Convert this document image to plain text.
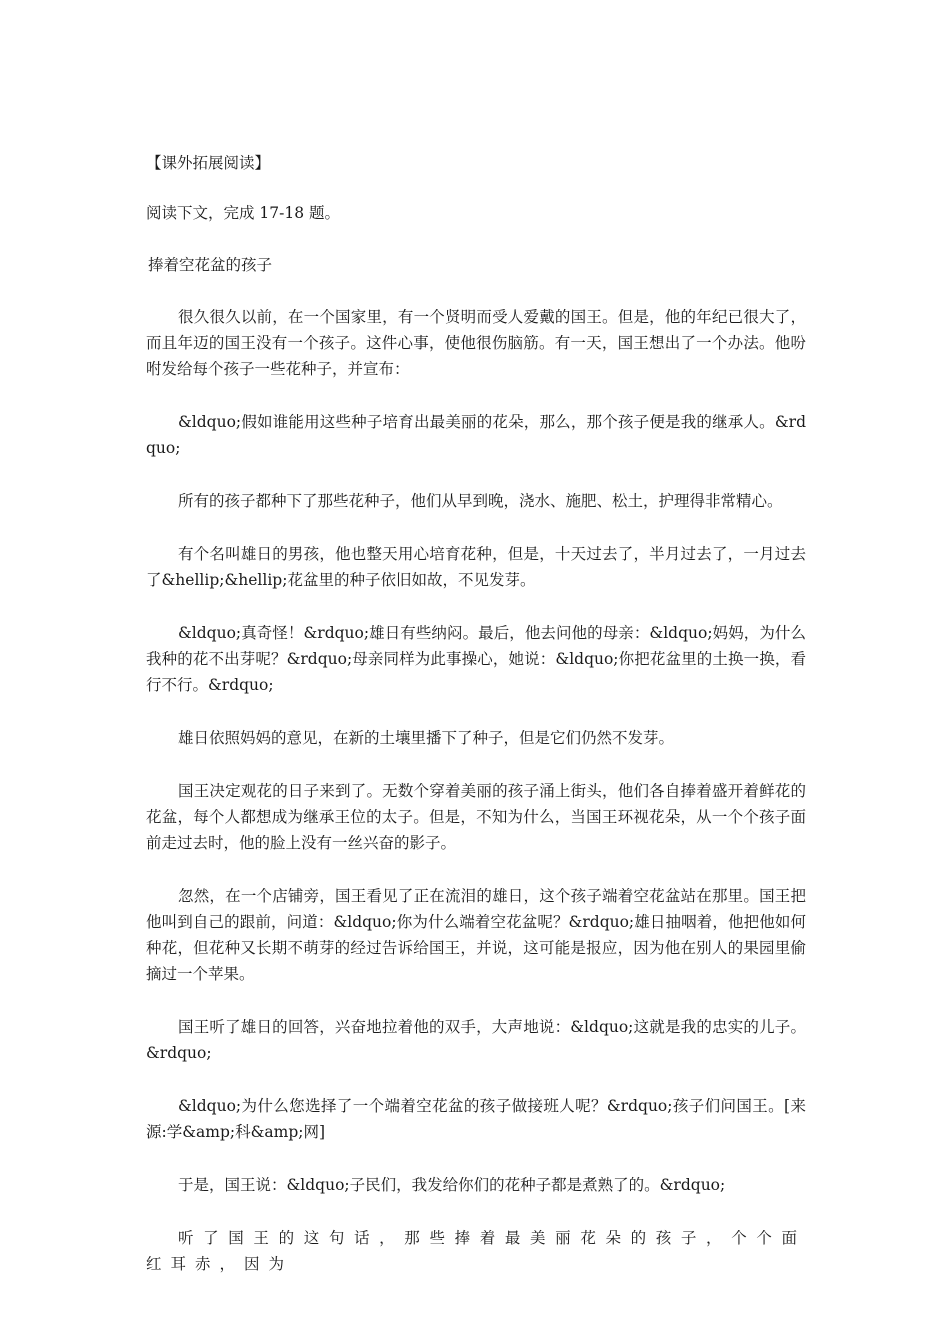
【课外拓展阅读】

阅读下文，完成 17-18 题。

捧着空花盆的孩子

很久很久以前，在一个国家里，有一个贤明而受人爱戴的国王。但是，他的年纪已很大了，而且年迈的国王没有一个孩子。这件心事，使他很伤脑筋。有一天，国王想出了一个办法。他吩咐发给每个孩子一些花种子，并宣布：

&ldquo;假如谁能用这些种子培育出最美丽的花朵，那么，那个孩子便是我的继承人。&rdquo;

所有的孩子都种下了那些花种子，他们从早到晚，浇水、施肥、松土，护理得非常精心。

有个名叫雄日的男孩，他也整天用心培育花种，但是，十天过去了，半月过去了，一月过去了&hellip;&hellip;花盆里的种子依旧如故，不见发芽。

&ldquo;真奇怪！&rdquo;雄日有些纳闷。最后，他去问他的母亲：&ldquo;妈妈，为什么我种的花不出芽呢？&rdquo;母亲同样为此事操心，她说：&ldquo;你把花盆里的土换一换，看行不行。&rdquo;

雄日依照妈妈的意见，在新的土壤里播下了种子，但是它们仍然不发芽。

国王决定观花的日子来到了。无数个穿着美丽的孩子涌上街头，他们各自捧着盛开着鲜花的花盆，每个人都想成为继承王位的太子。但是，不知为什么，当国王环视花朵，从一个个孩子面前走过去时，他的脸上没有一丝兴奋的影子。

忽然，在一个店铺旁，国王看见了正在流泪的雄日，这个孩子端着空花盆站在那里。国王把他叫到自己的跟前，问道：&ldquo;你为什么端着空花盆呢？&rdquo;雄日抽咽着，他把他如何种花，但花种又长期不萌芽的经过告诉给国王，并说，这可能是报应，因为他在别人的果园里偷摘过一个苹果。

国王听了雄日的回答，兴奋地拉着他的双手，大声地说：&ldquo;这就是我的忠实的儿子。&rdquo;

&ldquo;为什么您选择了一个端着空花盆的孩子做接班人呢？&rdquo;孩子们问国王。[来源:学&amp;科&amp;网]

于是，国王说：&ldquo;子民们，我发给你们的花种子都是煮熟了的。&rdquo;

听了国王的这句话，那些捧着最美丽花朵的孩子，个个面红耳赤，因为
